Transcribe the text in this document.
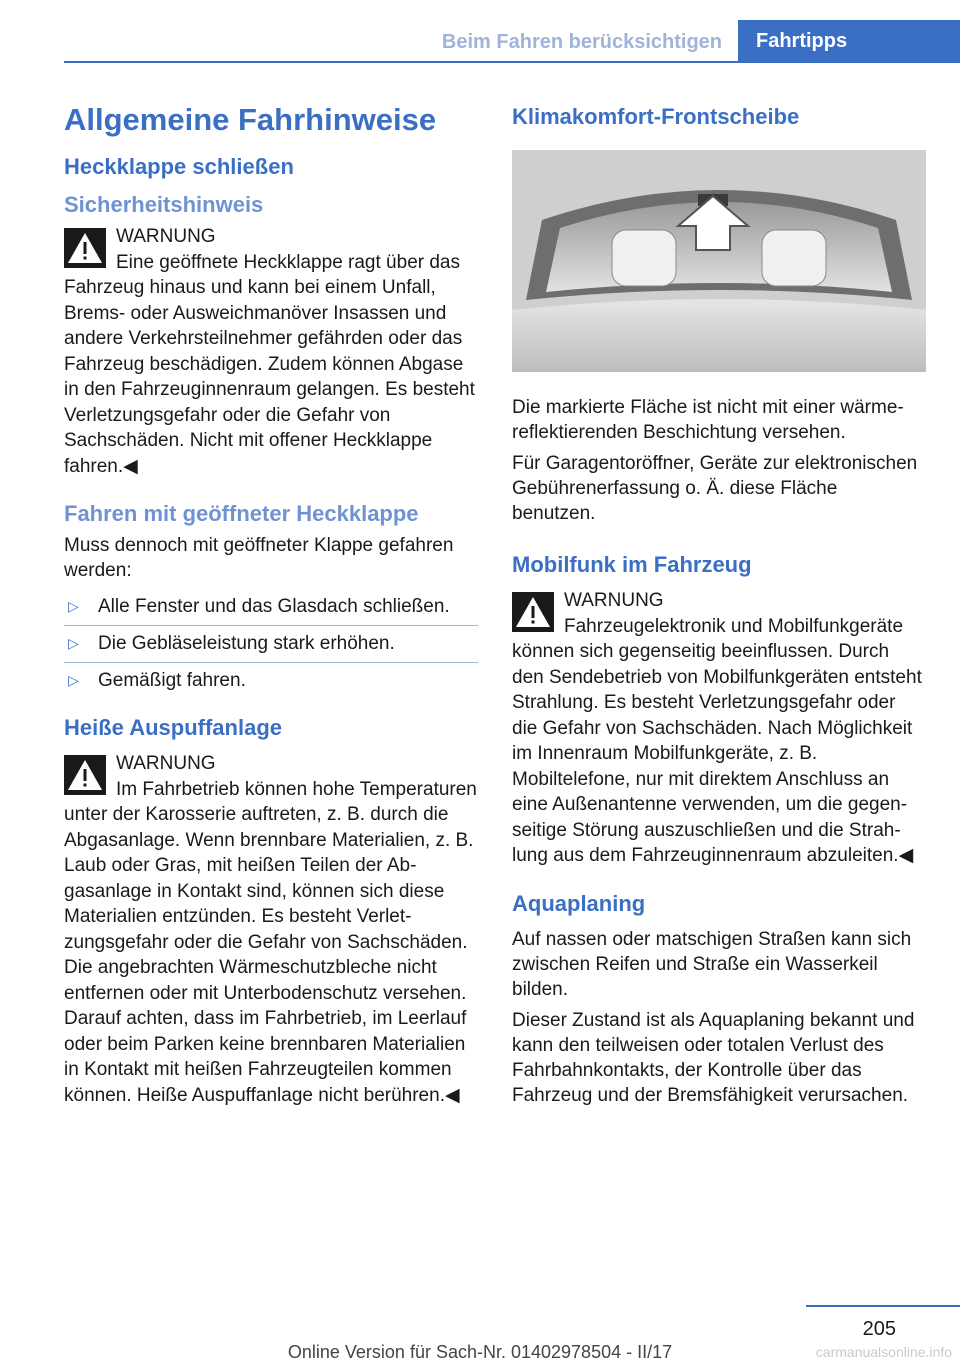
Beim Fahren berücksichtigen	Fahrtipps
Allgemeine Fahrhinweise
Heckklappe schließen
Sicherheitshinweis
WARNUNG
Eine geöffnete Heckklappe ragt über das Fahrzeug hinaus und kann bei einem Unfall, Brems- oder Ausweichmanöver Insassen und andere Verkehrsteilnehmer gefährden oder das Fahrzeug beschädigen. Zudem können Abgase in den Fahrzeuginnenraum gelangen. Es besteht Verletzungsgefahr oder die Gefahr von Sachschäden. Nicht mit offener Heckklappe fahren.◀
Fahren mit geöffneter Heckklappe

Muss dennoch mit geöffneter Klappe gefahren werden:

▷ Alle Fenster und das Glasdach schließen.
▷ Die Gebläseleistung stark erhöhen.
▷ Gemäßigt fahren.
Heiße Auspuffanlage
WARNUNG
Im Fahrbetrieb können hohe Temperaturen unter der Karosserie auftreten, z. B. durch die Abgasanlage. Wenn brennbare Materialien, z. B. Laub oder Gras, mit heißen Teilen der Abgasanlage in Kontakt sind, können sich diese Materialien entzünden. Es besteht Verletzungsgefahr oder die Gefahr von Sachschäden. Die angebrachten Wärmeschutzbleche nicht entfernen oder mit Unterbodenschutz versehen. Darauf achten, dass im Fahrbetrieb, im Leerlauf oder beim Parken keine brennbaren Materialien in Kontakt mit heißen Fahrzeugteilen kommen können. Heiße Auspuffanlage nicht berühren.◀
Klimakomfort-Frontscheibe

Die markierte Fläche ist nicht mit einer wärmereflektierenden Beschichtung versehen.

Für Garagentoröffner, Geräte zur elektronischen Gebührenerfassung o. Ä. diese Fläche benutzen.

Mobilfunk im Fahrzeug
WARNUNG
Fahrzeugelektronik und Mobilfunkgeräte können sich gegenseitig beeinflussen. Durch den Sendebetrieb von Mobilfunkgeräten entsteht Strahlung. Es besteht Verletzungsgefahr oder die Gefahr von Sachschäden. Nach Möglichkeit im Innenraum Mobilfunkgeräte, z. B. Mobiltelefone, nur mit direktem Anschluss an eine Außenantenne verwenden, um die gegenseitige Störung auszuschließen und die Strahlung aus dem Fahrzeuginnenraum abzuleiten.◀
Aquaplaning

Auf nassen oder matschigen Straßen kann sich zwischen Reifen und Straße ein Wasserkeil bilden.

Dieser Zustand ist als Aquaplaning bekannt und kann den teilweisen oder totalen Verlust des Fahrbahnkontakts, der Kontrolle über das Fahrzeug und der Bremsfähigkeit verursachen.

205
Online Version für Sach-Nr. 01402978504 - II/17	carmanualsonline.info
